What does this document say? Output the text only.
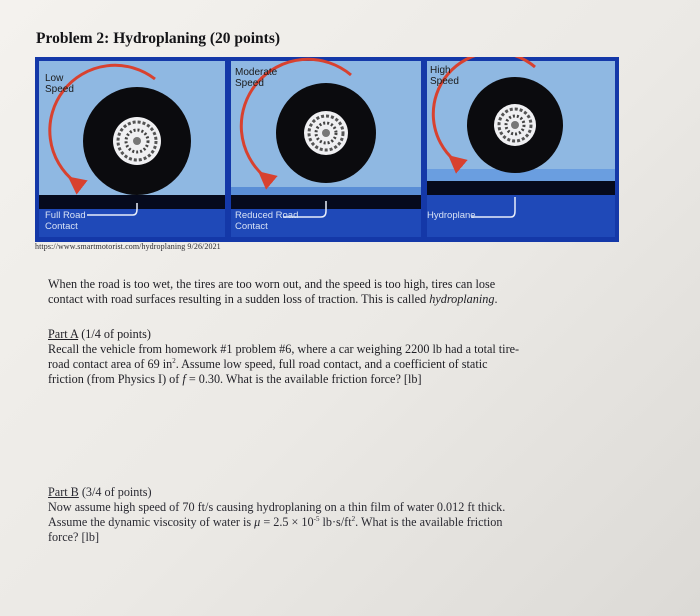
Problem 2: Hydroplaning (20 points)
Low
Speed
Moderate
Speed
High
Speed
Full Road
Contact
Reduced Road
Contact
Hydroplane
https://www.smartmotorist.com/hydroplaning 9/26/2021
When the road is too wet, the tires are too worn out, and the speed is too high, tires can lose
contact with road surfaces resulting in a sudden loss of traction. This is called hydroplaning.
Part A (1/4 of points)
Recall the vehicle from homework #1 problem #6, where a car weighing 2200 lb had a total tire-
road contact area of 69 $in^2$. Assume low speed, full road contact, and a coefficient of static
friction (from Physics I) of f = 0.30. What is the available friction force? [lb]
Part B (3/4 of points)
Now assume high speed of 70 ft/s causing hydroplaning on a thin film of water 0.012 ft thick.
Assume the dynamic viscosity of water is $\mu = 2.5 \times 10^{-5}$ $lb\cdot s/ft^2$. What is the available friction
force? [lb]
